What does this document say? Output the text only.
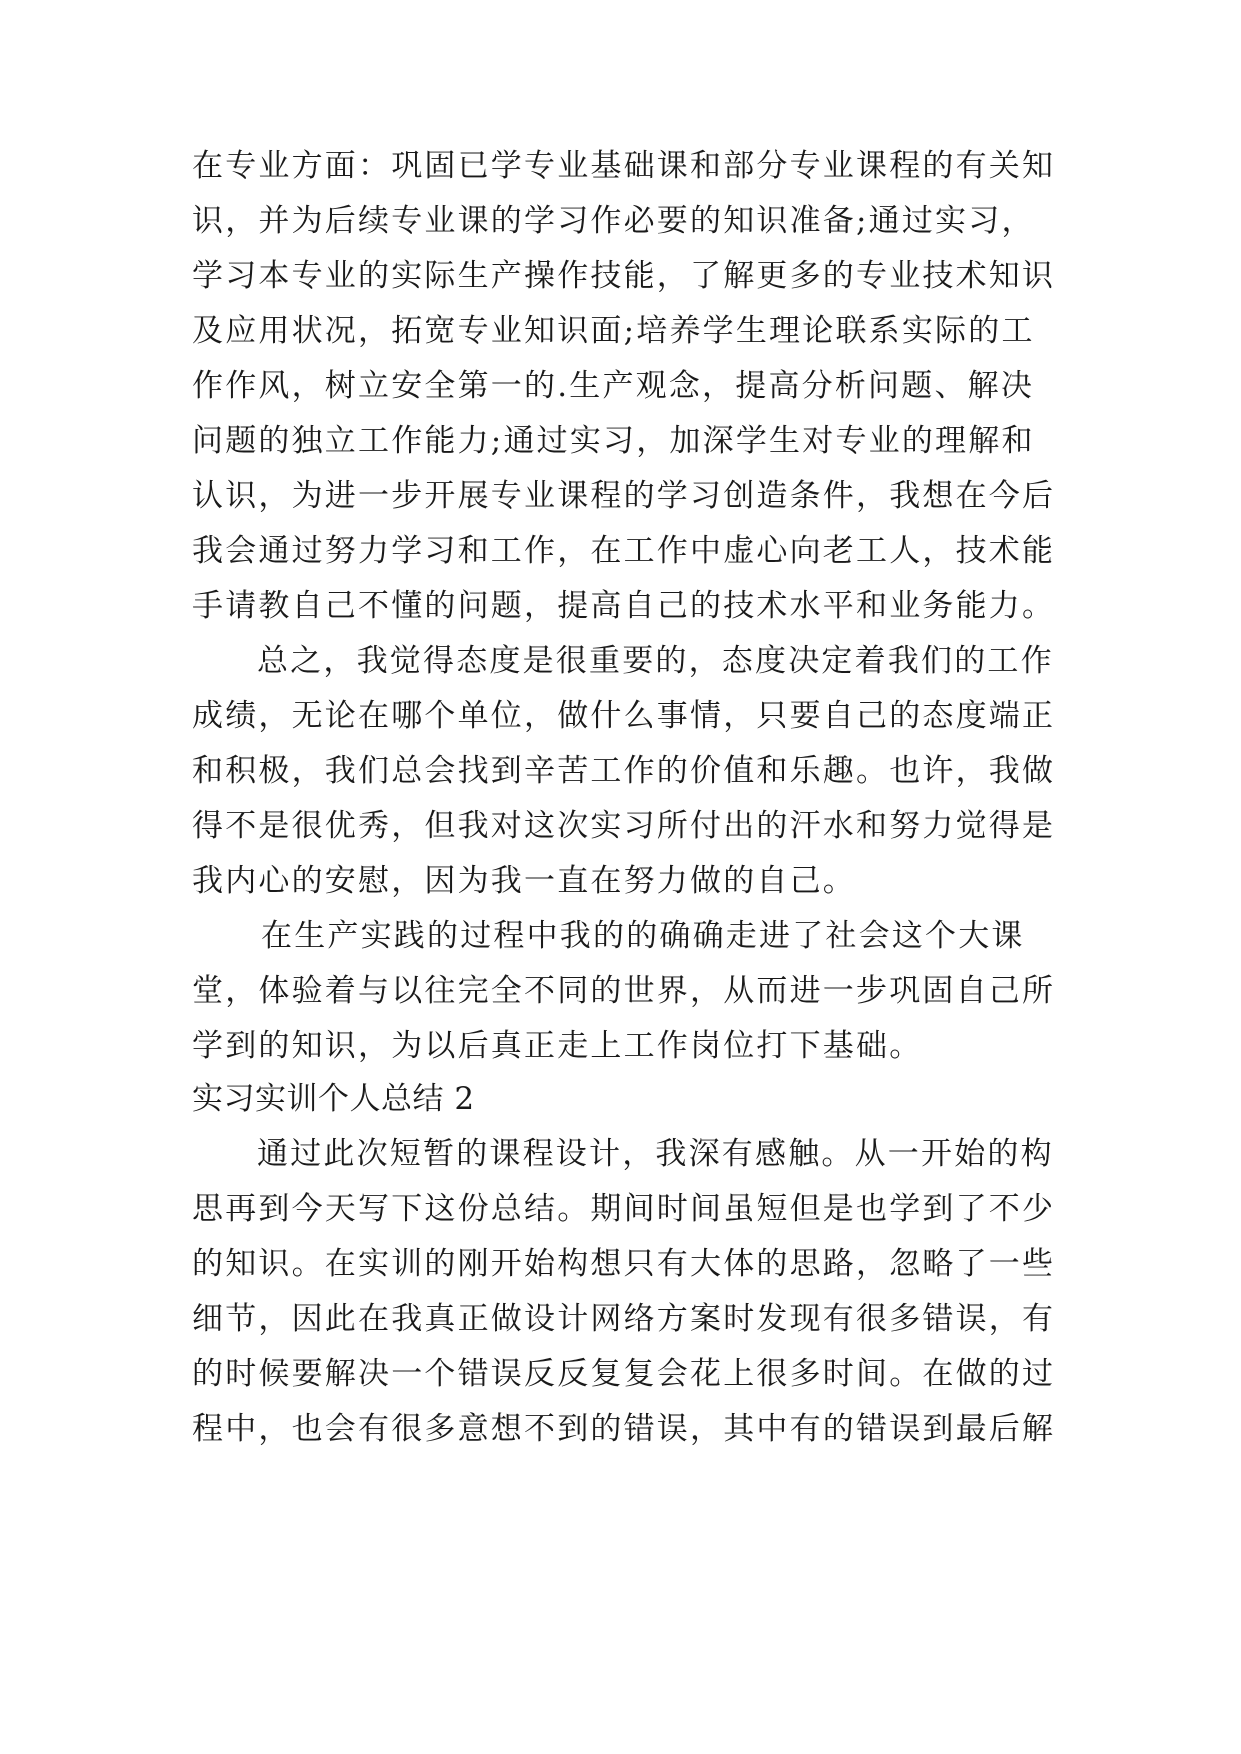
在专业方面：巩固已学专业基础课和部分专业课程的有关知
识，并为后续专业课的学习作必要的知识准备;通过实习，
学习本专业的实际生产操作技能，了解更多的专业技术知识
及应用状况，拓宽专业知识面;培养学生理论联系实际的工
作作风，树立安全第一的.生产观念，提高分析问题、解决
问题的独立工作能力;通过实习，加深学生对专业的理解和
认识，为进一步开展专业课程的学习创造条件，我想在今后
我会通过努力学习和工作，在工作中虚心向老工人，技术能
手请教自己不懂的问题，提高自己的技术水平和业务能力。
总之，我觉得态度是很重要的，态度决定着我们的工作
成绩，无论在哪个单位，做什么事情，只要自己的态度端正
和积极，我们总会找到辛苦工作的价值和乐趣。也许，我做
得不是很优秀，但我对这次实习所付出的汗水和努力觉得是
我内心的安慰，因为我一直在努力做的自己。
在生产实践的过程中我的的确确走进了社会这个大课
堂，体验着与以往完全不同的世界，从而进一步巩固自己所
学到的知识，为以后真正走上工作岗位打下基础。
实习实训个人总结 2
通过此次短暂的课程设计，我深有感触。从一开始的构
思再到今天写下这份总结。期间时间虽短但是也学到了不少
的知识。在实训的刚开始构想只有大体的思路，忽略了一些
细节，因此在我真正做设计网络方案时发现有很多错误，有
的时候要解决一个错误反反复复会花上很多时间。在做的过
程中，也会有很多意想不到的错误，其中有的错误到最后解
